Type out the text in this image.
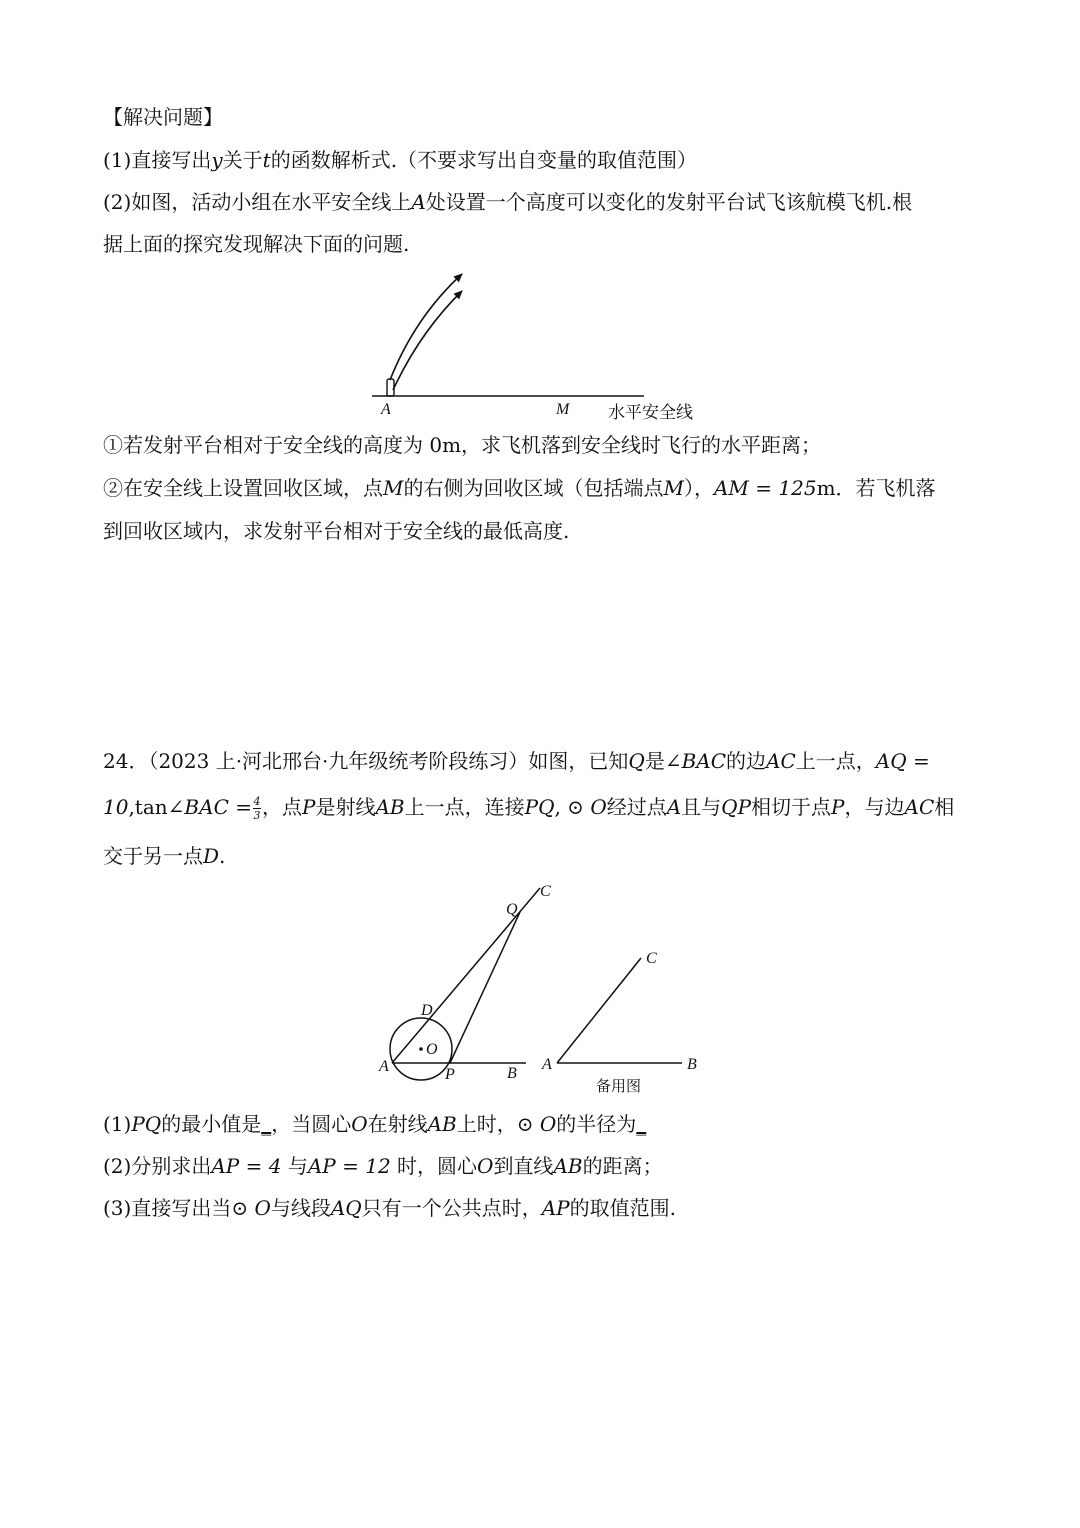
【解决问题】
(1)直接写出y关于t的函数解析式.（不要求写出自变量的取值范围）
(2)如图，活动小组在水平安全线上A处设置一个高度可以变化的发射平台试飞该航模飞机.根
据上面的探究发现解决下面的问题.
A	M 水平安全线
①若发射平台相对于安全线的高度为 0m，求飞机落到安全线时飞行的水平距离；
②在安全线上设置回收区域，点M的右侧为回收区域（包括端点M），AM = 125m．若飞机落
到回收区域内，求发射平台相对于安全线的最低高度.
24．（2023 上·河北邢台·九年级统考阶段练习）如图，已知Q是∠BAC的边AC上一点，AQ =
10,tan∠BAC = $\frac{4}{3}$ ，点P是射线AB上一点，连接PQ, ⊙ O经过点A且与QP相切于点P，与边AC相
交于另一点D.
C
Q
D
O
A	P	B
C
A	B
备用图
(1)PQ的最小值是_，当圆心O在射线AB上时，⊙ O的半径为_
(2)分别求出AP = 4 与AP = 12 时，圆心O到直线AB的距离；
(3)直接写出当⊙ O与线段AQ只有一个公共点时，AP的取值范围.
